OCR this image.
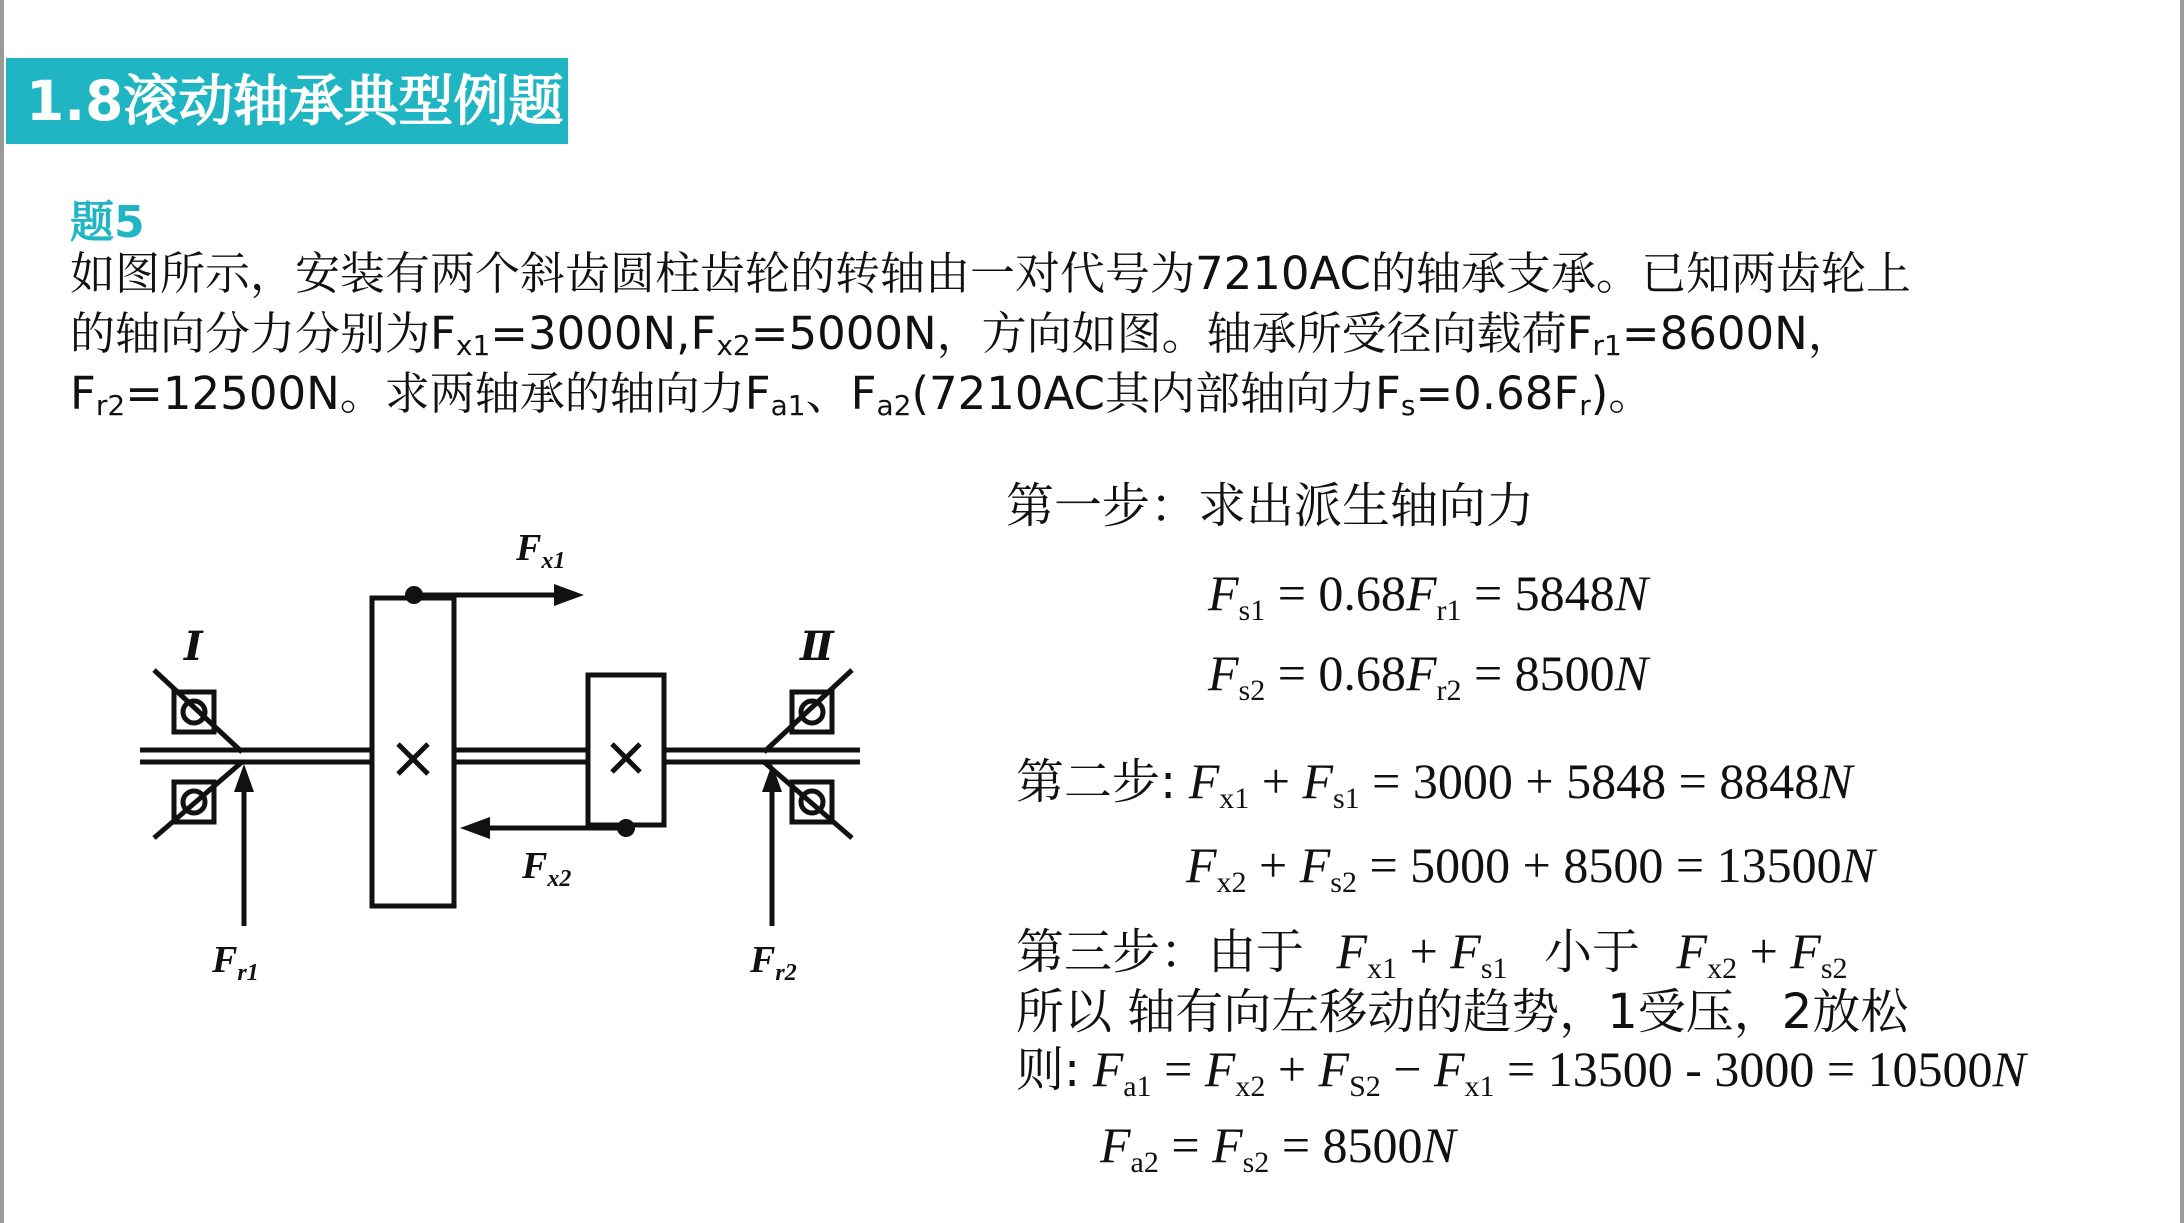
1.8滚动轴承典型例题
题5
如图所示，安装有两个斜齿圆柱齿轮的转轴由一对代号为7210AC的轴承支承。已知两齿轮上
的轴向分力分别为$F_{x1}=3000N,F_{x2}=5000N$，方向如图。轴承所受径向载荷$F_{r1}=8600N$，
$F_{r2}=12500N$。求两轴承的轴向力$F_{a1}$、$F_{a2}(7210AC$其内部轴向力$F_s=0.68F_r$)。
Ⅰ	Ⅱ
$F_{x1}$
$F_{x2}$
$F_{r1}$	$F_{r2}$
第一步：求出派生轴向力
$F_{s1} = 0.68F_{r1} = 5848N$
$F_{s2} = 0.68F_{r2} = 8500N$
第二步: $F_{x1} + F_{s1} = 3000 + 5848 = 8848N$
$F_{x2} + F_{s2} = 5000 + 8500 = 13500N$
第三步：由于 $F_{x1} + F_{s1}$ 小于 $F_{x2} + F_{s2}$
所以 轴有向左移动的趋势，1受压，2放松
则: $F_{a1} = F_{x2} + F_{S2} - F_{x1} = 13500 - 3000 = 10500N$
$F_{a2} = F_{s2} = 8500N$
